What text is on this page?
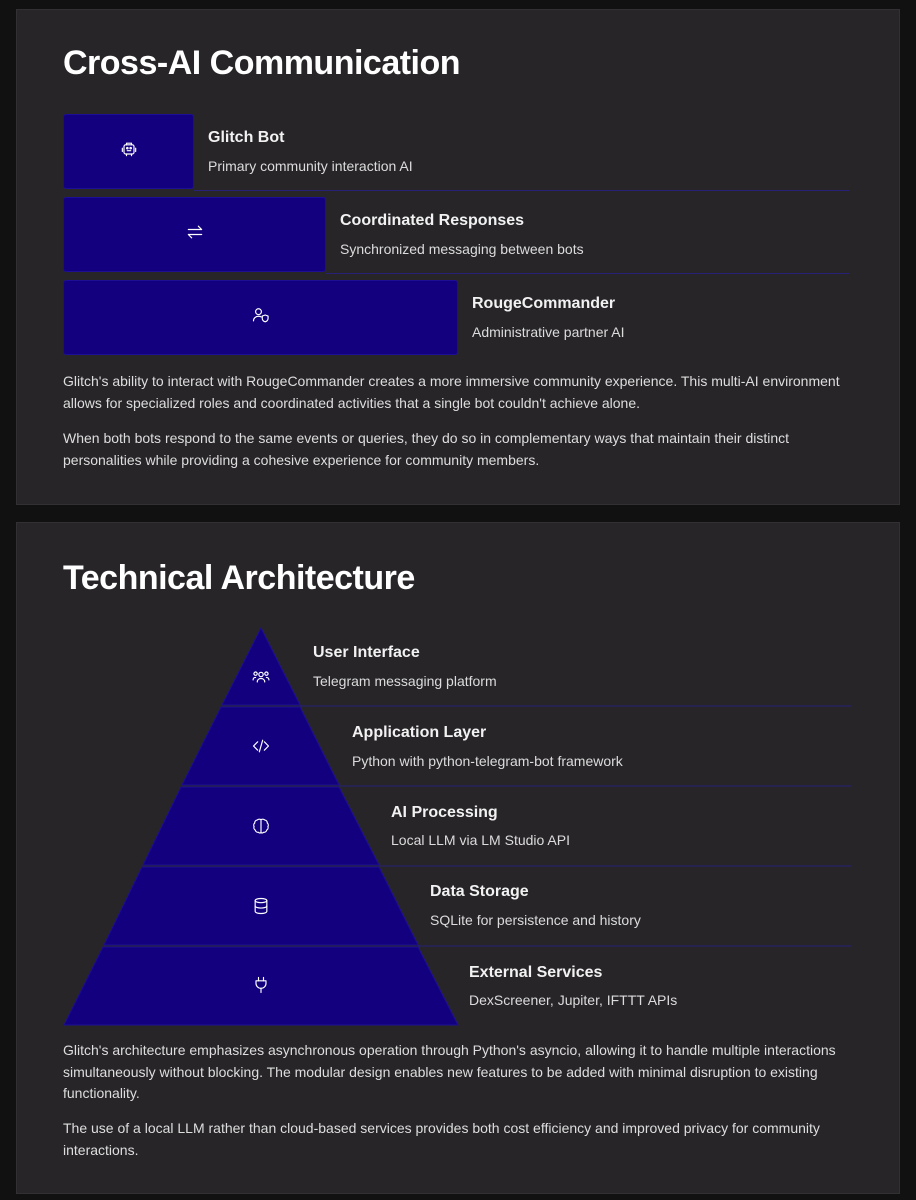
Cross-AI Communication
Glitch Bot
Primary community interaction AI
Coordinated Responses
Synchronized messaging between bots
RougeCommander
Administrative partner AI

Glitch's ability to interact with RougeCommander creates a more immersive community experience. This multi-AI environment allows for specialized roles and coordinated activities that a single bot couldn't achieve alone.

When both bots respond to the same events or queries, they do so in complementary ways that maintain their distinct personalities while providing a cohesive experience for community members.

Technical Architecture
User Interface
Telegram messaging platform
Application Layer
Python with python-telegram-bot framework
AI Processing
Local LLM via LM Studio API
Data Storage
SQLite for persistence and history
External Services
DexScreener, Jupiter, IFTTT APIs

Glitch's architecture emphasizes asynchronous operation through Python's asyncio, allowing it to handle multiple interactions simultaneously without blocking. The modular design enables new features to be added with minimal disruption to existing functionality.

The use of a local LLM rather than cloud-based services provides both cost efficiency and improved privacy for community interactions.
